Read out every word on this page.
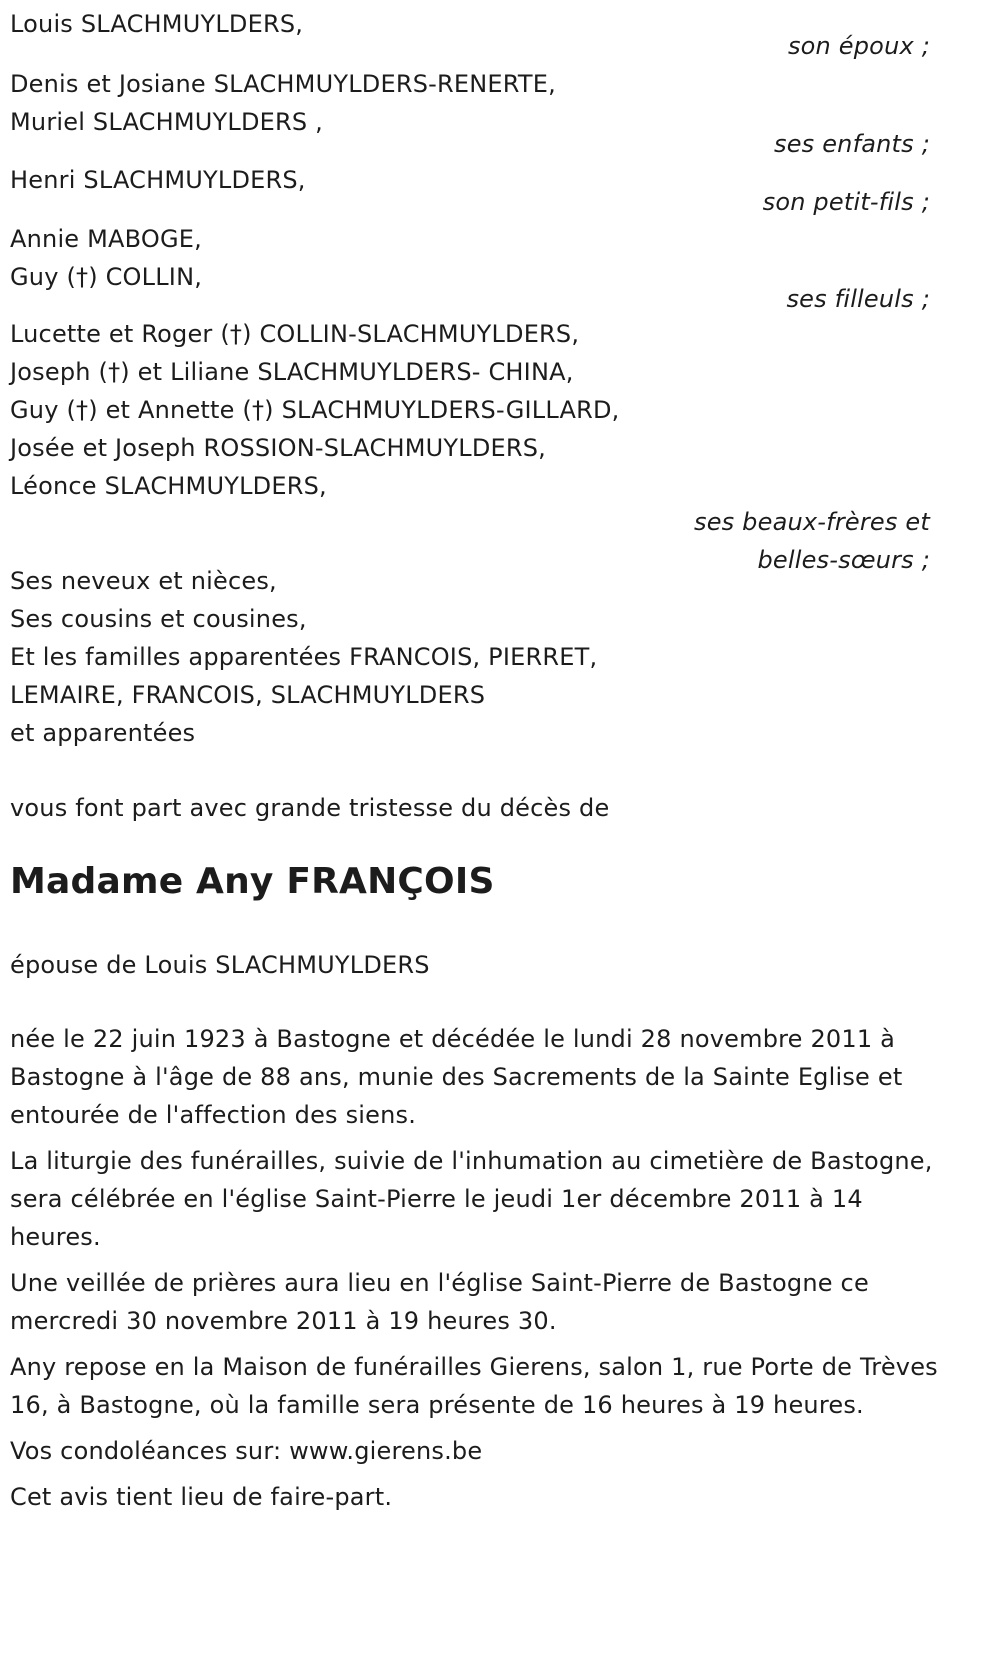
Louis SLACHMUYLDERS,
son époux ;
Denis et Josiane SLACHMUYLDERS-RENERTE,
Muriel SLACHMUYLDERS ,
ses enfants ;
Henri SLACHMUYLDERS,
son petit-fils ;
Annie MABOGE,
Guy (†) COLLIN,
ses filleuls ;
Lucette et Roger (†) COLLIN-SLACHMUYLDERS,
Joseph (†) et Liliane SLACHMUYLDERS- CHINA,
Guy (†) et Annette (†) SLACHMUYLDERS-GILLARD,
Josée et Joseph ROSSION-SLACHMUYLDERS,
Léonce SLACHMUYLDERS,
ses beaux-frères et
belles-sœurs ;
Ses neveux et nièces,
Ses cousins et cousines,
Et les familles apparentées FRANCOIS, PIERRET,
LEMAIRE, FRANCOIS, SLACHMUYLDERS
et apparentées
vous font part avec grande tristesse du décès de
Madame Any FRANÇOIS
épouse de Louis SLACHMUYLDERS
née le 22 juin 1923 à Bastogne et décédée le lundi 28 novembre 2011 à Bastogne à l'âge de 88 ans, munie des Sacrements de la Sainte Eglise et entourée de l'affection des siens.
La liturgie des funérailles, suivie de l'inhumation au cimetière de Bastogne, sera célébrée en l'église Saint-Pierre le jeudi 1er décembre 2011 à 14 heures.
Une veillée de prières aura lieu en l'église Saint-Pierre de Bastogne ce mercredi 30 novembre 2011 à 19 heures 30.
Any repose en la Maison de funérailles Gierens, salon 1, rue Porte de Trèves 16, à Bastogne, où la famille sera présente de 16 heures à 19 heures.
Vos condoléances sur: www.gierens.be
Cet avis tient lieu de faire-part.
